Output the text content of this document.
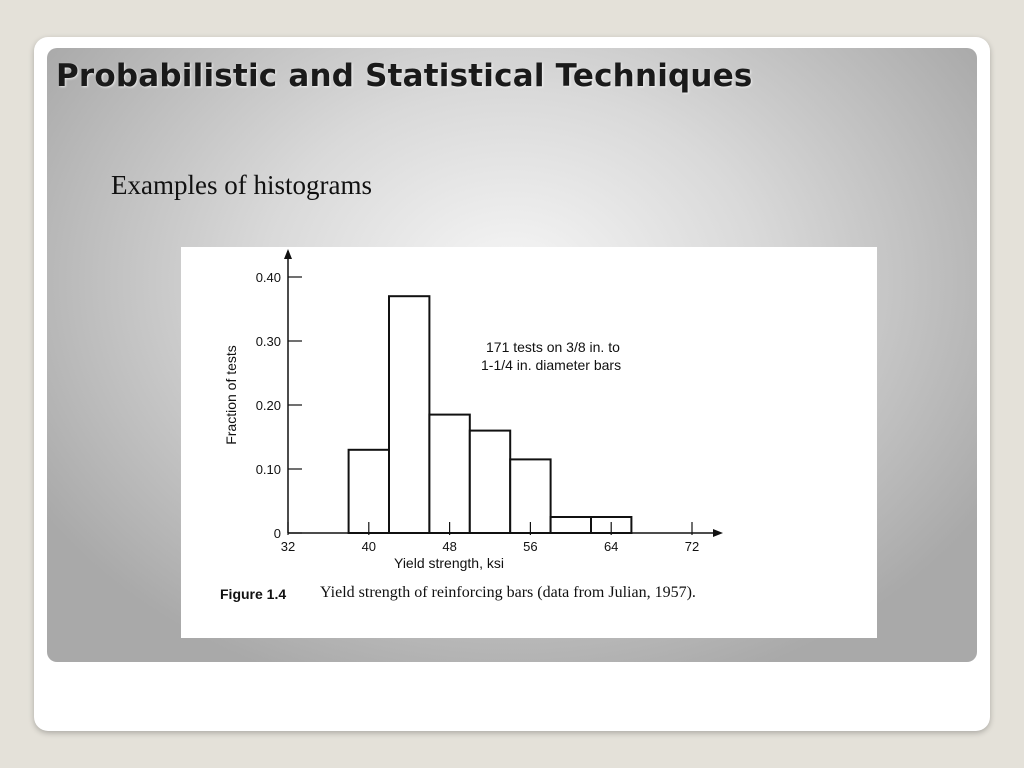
Probabilistic and Statistical Techniques

Examples of histograms

0
0.10
0.20
0.30
0.40
32	40	48	56	64	72
Fraction of tests
Yield strength, ksi
171 tests on 3/8 in. to
1-1/4 in. diameter bars
Figure 1.4 Yield strength of reinforcing bars (data from Julian, 1957).
